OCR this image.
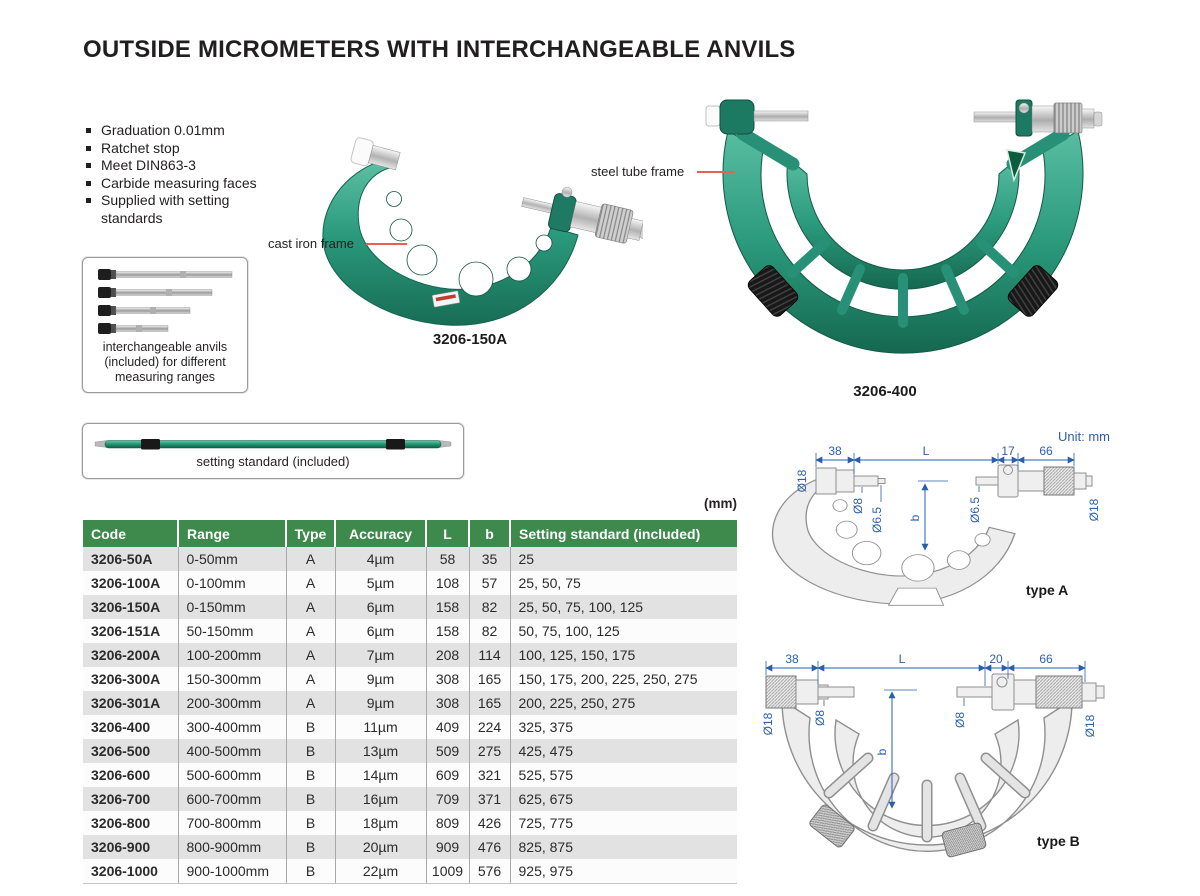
OUTSIDE MICROMETERS WITH INTERCHANGEABLE ANVILS
Graduation 0.01mm
Ratchet stop
Meet DIN863-3
Carbide measuring faces
Supplied with setting standards
interchangeable anvils (included) for different measuring ranges
3206-150A
cast iron frame
3206-400
steel tube frame
setting standard (included)
(mm)
Code	Range	Type	Accuracy	L	b	Setting standard (included)
3206-50A	0-50mm	A	4µm	58	35	25
3206-100A	0-100mm	A	5µm	108	57	25, 50, 75
3206-150A	0-150mm	A	6µm	158	82	25, 50, 75, 100, 125
3206-151A	50-150mm	A	6µm	158	82	50, 75, 100, 125
3206-200A	100-200mm	A	7µm	208	114	100, 125, 150, 175
3206-300A	150-300mm	A	9µm	308	165	150, 175, 200, 225, 250, 275
3206-301A	200-300mm	A	9µm	308	165	200, 225, 250, 275
3206-400	300-400mm	B	11µm	409	224	325, 375
3206-500	400-500mm	B	13µm	509	275	425, 475
3206-600	500-600mm	B	14µm	609	321	525, 575
3206-700	600-700mm	B	16µm	709	371	625, 675
3206-800	700-800mm	B	18µm	809	426	725, 775
3206-900	800-900mm	B	20µm	909	476	825, 875
3206-1000	900-1000mm	B	22µm	1009	576	925, 975
Unit: mm
38	L	17 66
Ø18
Ø8
Ø6.5 b	Ø6.5	Ø18
type A
38	L	20	66
Ø18	Ø8
b
Ø8	Ø18
type B
